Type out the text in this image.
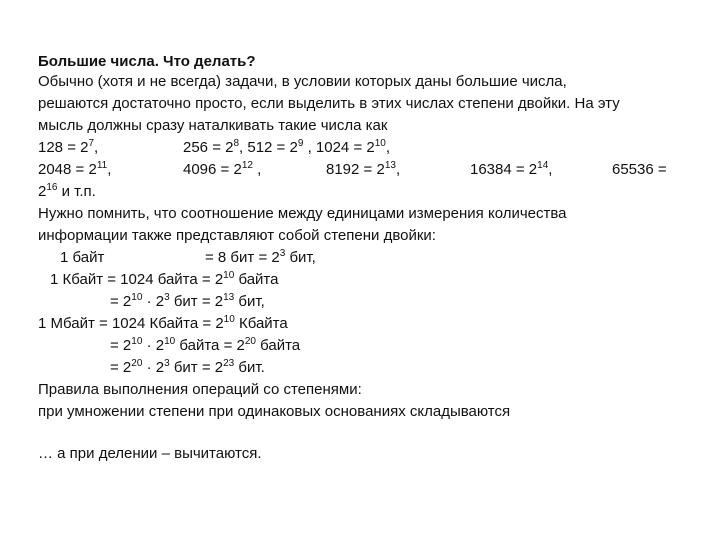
Большие числа. Что делать?
Обычно (хотя и не всегда) задачи, в условии которых даны большие числа,
решаются достаточно просто, если выделить в этих числах степени двойки. На эту
мысль должны сразу наталкивать такие числа как
$128 = 2^7$,	$256 = 2^8$, $512 = 2^9$ , $1024 = 2^{10}$,
$2048 = 2^{11}$,	$4096 = 2^{12}$ ,	$8192 = 2^{13}$,	$16384 = 2^{14}$,	65536 =
$2^{16}$ и т.п.
Нужно помнить, что соотношение между единицами измерения количества
информации также представляют собой степени двойки:
1 байт	= 8 бит = $2^3$ бит,
1 Кбайт = 1024 байта = $2^{10}$ байта
= $2^{10} \cdot 2^3$ бит = $2^{13}$ бит,
1 Мбайт = 1024 Кбайта = $2^{10}$ Кбайта
= $2^{10} \cdot 2^{10}$ байта = $2^{20}$ байта
= $2^{20} \cdot 2^3$ бит = $2^{23}$ бит.
Правила выполнения операций со степенями:
при умножении степени при одинаковых основаниях складываются
… а при делении – вычитаются.
